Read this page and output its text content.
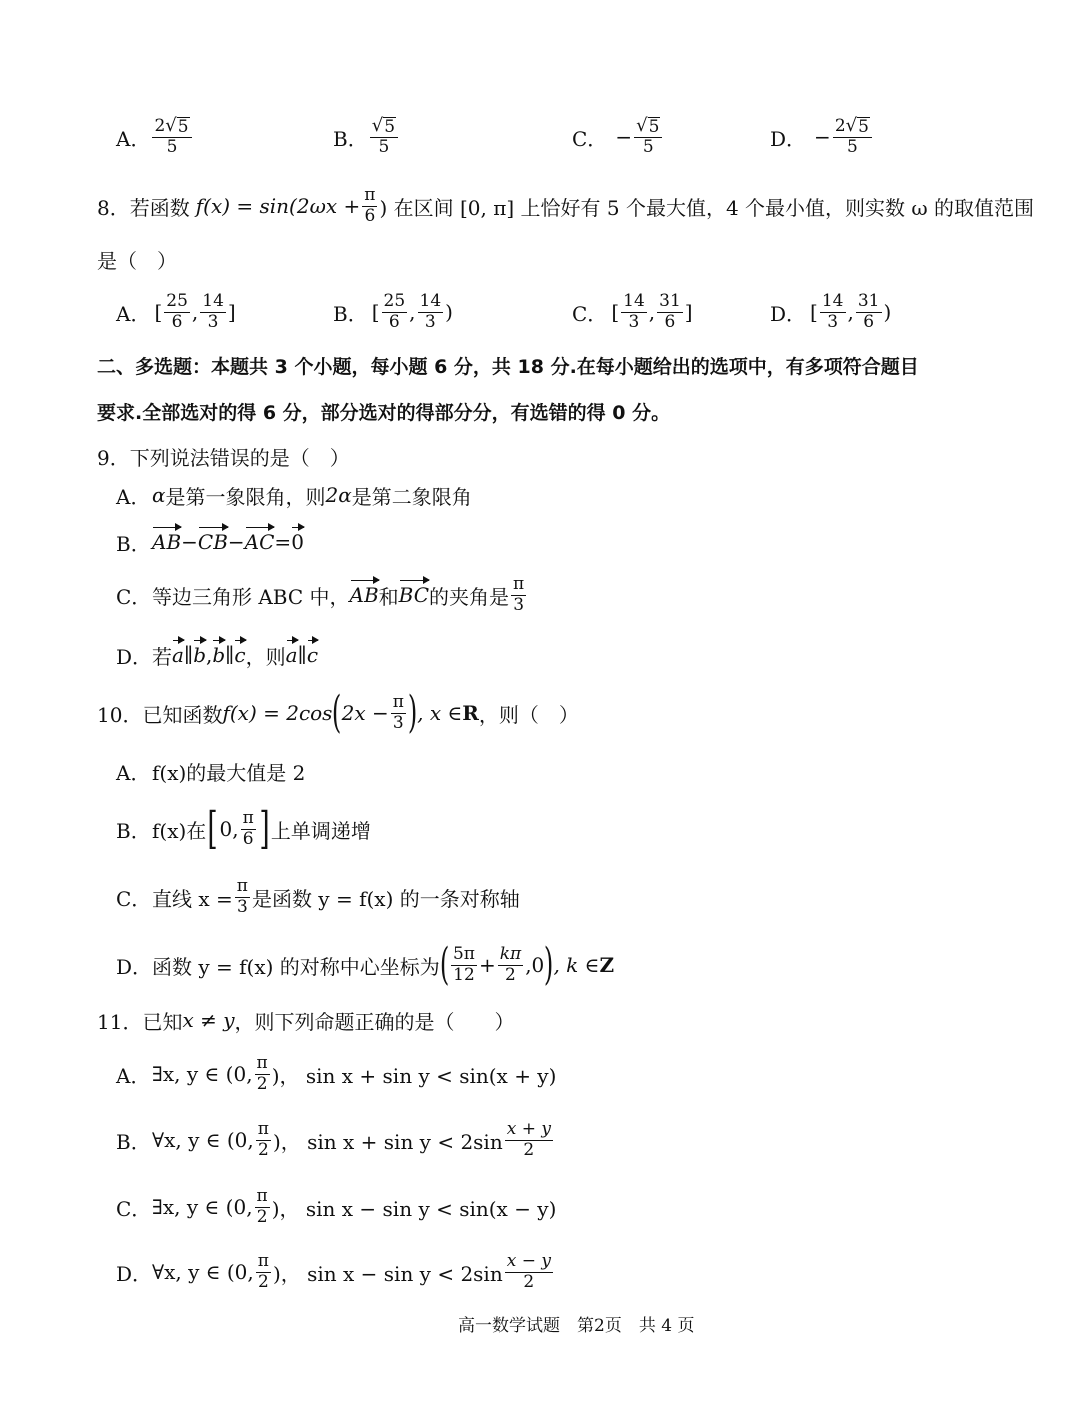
A． $\frac{2 √ 5}{5}$	B． $\frac{√ 5}{5}$	C． − $\frac{√ 5}{5}$	D． − $\frac{2 √ 5}{5}$
8． 若函数 $f(x) = \sin(2\omega x + \frac{\pi}{6}$ ) 在区间 [0, π] 上恰好有 5 个最大值，4 个最小值，则实数 ω 的取值范围
是（　）
A． [ $\frac{25}{6}$ , $\frac{14}{3}$ ]	B． [ $\frac{25}{6}$ , $\frac{14}{3}$ )	C． [ $\frac{14}{3}$ , $\frac{31}{6}$ ]	D． [ $\frac{14}{3}$ , $\frac{31}{6}$ )
二、多选题：本题共 3 个小题，每小题 6 分，共 18 分.在每小题给出的选项中，有多项符合题目
要求.全部选对的得 6 分，部分选对的得部分分，有选错的得 0 分。
9．下列说法错误的是（　）
A． α 是第一象限角，则 2α 是第二象限角
B． AB − CB − AC = 0
C． 等边三角形 ABC 中， AB 和 BC 的夹角是 $\frac{\pi}{3}$
D． 若 a ∥ b , b ∥ c ，则 a ∥ c
10． 已知函数 f(x) = 2cos ( $2x - \frac{\pi}{3}$ ) , x ∈ R ，则（　）
A． f(x)的最大值是 2
B． f(x)在 [ 0, $\frac{\pi}{6}$ ] 上单调递增
C． 直线 $x = \frac{\pi}{3}$ 是函数 y = f(x) 的一条对称轴
D． 函数 y = f(x) 的对称中心坐标为 ( $\frac{5\pi}{12} + \frac{k\pi}{2} ,0$ ) , k ∈ Z
11． 已知 x ≠ y ，则下列命题正确的是（　　）
A． ∃x, y ∈ (0, $\frac{\pi}{2}$ )， sin x + sin y < sin(x + y)
B． ∀x, y ∈ (0, $\frac{\pi}{2}$ )， $\sin x + \sin y < 2\sin \frac{x + y}{2}$
C． ∃x, y ∈ (0, $\frac{\pi}{2}$ )， sin x − sin y < sin(x − y)
D． ∀x, y ∈ (0, $\frac{\pi}{2}$ )， $\sin x - \sin y < 2\sin \frac{x - y}{2}$
高一数学试题　第2页　共 4 页
